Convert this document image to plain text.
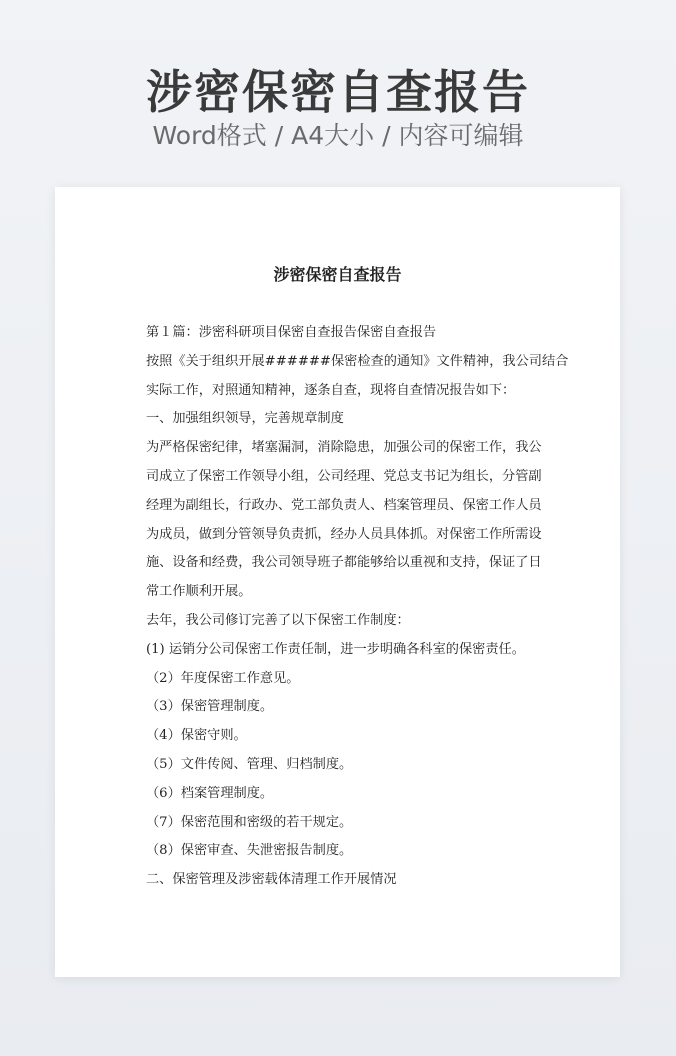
涉密保密自查报告
Word格式 / A4大小 / 内容可编辑
涉密保密自查报告

第１篇：涉密科研项目保密自查报告保密自查报告

按照《关于组织开展######保密检查的通知》文件精神，我公司结合

实际工作，对照通知精神，逐条自查，现将自查情况报告如下：

一、加强组织领导，完善规章制度

为严格保密纪律，堵塞漏洞，消除隐患，加强公司的保密工作，我公

司成立了保密工作领导小组，公司经理、党总支书记为组长，分管副

经理为副组长，行政办、党工部负责人、档案管理员、保密工作人员

为成员，做到分管领导负责抓，经办人员具体抓。对保密工作所需设

施、设备和经费，我公司领导班子都能够给以重视和支持，保证了日

常工作顺利开展。

去年，我公司修订完善了以下保密工作制度：

(1) 运销分公司保密工作责任制，进一步明确各科室的保密责任。

（2）年度保密工作意见。

（3）保密管理制度。

（4）保密守则。

（5）文件传阅、管理、归档制度。

（6）档案管理制度。

（7）保密范围和密级的若干规定。

（8）保密审查、失泄密报告制度。

二、保密管理及涉密载体清理工作开展情况
